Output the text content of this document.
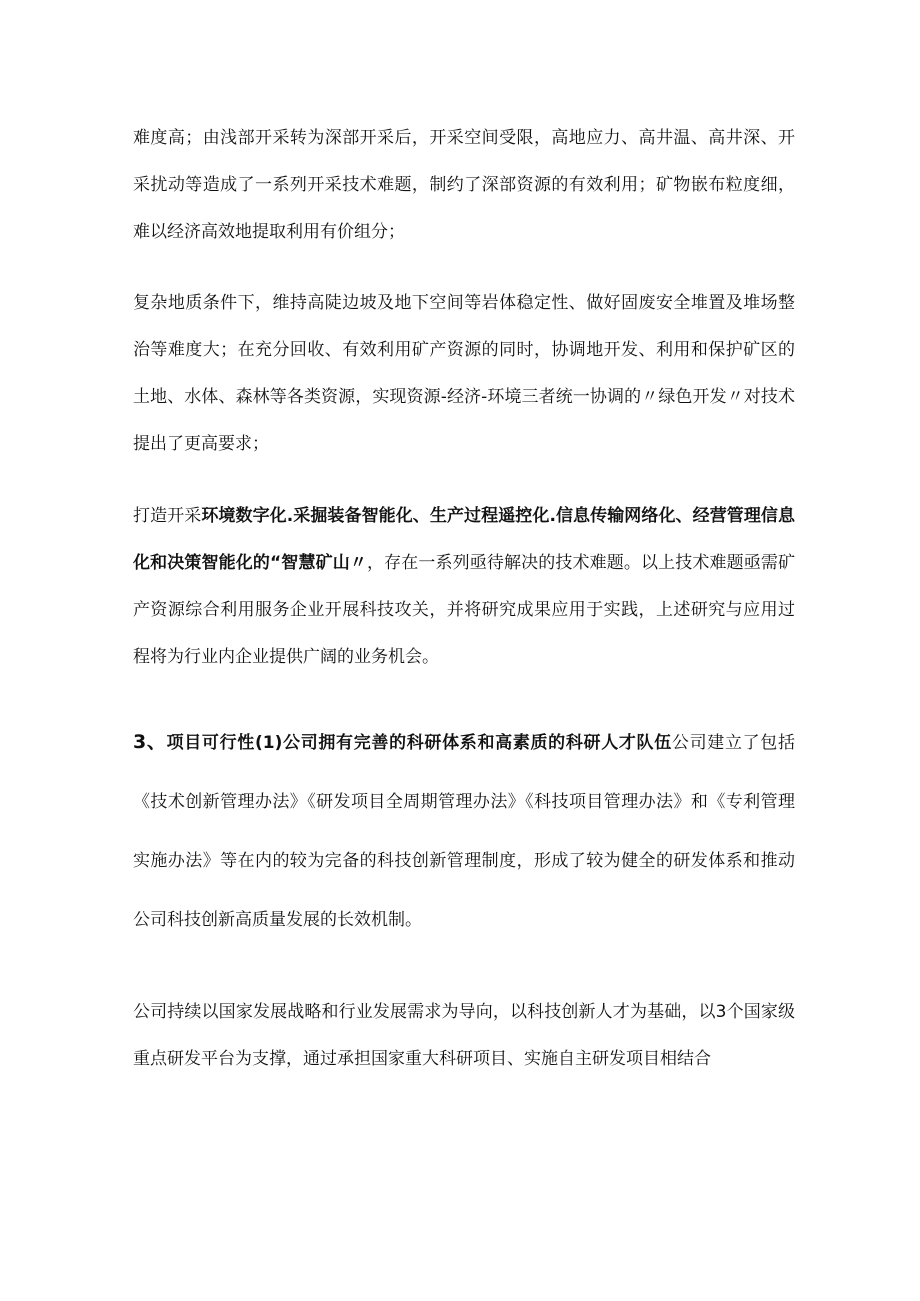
难度高；由浅部开采转为深部开采后，开采空间受限，高地应力、高井温、高井深、开采扰动等造成了一系列开采技术难题，制约了深部资源的有效利用；矿物嵌布粒度细，难以经济高效地提取利用有价组分；

复杂地质条件下，维持高陡边坡及地下空间等岩体稳定性、做好固废安全堆置及堆场整治等难度大；在充分回收、有效利用矿产资源的同时，协调地开发、利用和保护矿区的土地、水体、森林等各类资源，实现资源-经济-环境三者统一协调的〃绿色开发〃对技术提出了更高要求；

打造开采环境数字化.采掘装备智能化、生产过程遥控化.信息传输网络化、经营管理信息化和决策智能化的“智慧矿山〃，存在一系列亟待解决的技术难题。以上技术难题亟需矿产资源综合利用服务企业开展科技攻关，并将研究成果应用于实践，上述研究与应用过程将为行业内企业提供广阔的业务机会。

3、项目可行性(1)公司拥有完善的科研体系和高素质的科研人才队伍公司建立了包括《技术创新管理办法》《研发项目全周期管理办法》《科技项目管理办法》和《专利管理实施办法》等在内的较为完备的科技创新管理制度，形成了较为健全的研发体系和推动公司科技创新高质量发展的长效机制。

公司持续以国家发展战略和行业发展需求为导向，以科技创新人才为基础，以3个国家级重点研发平台为支撑，通过承担国家重大科研项目、实施自主研发项目相结合
